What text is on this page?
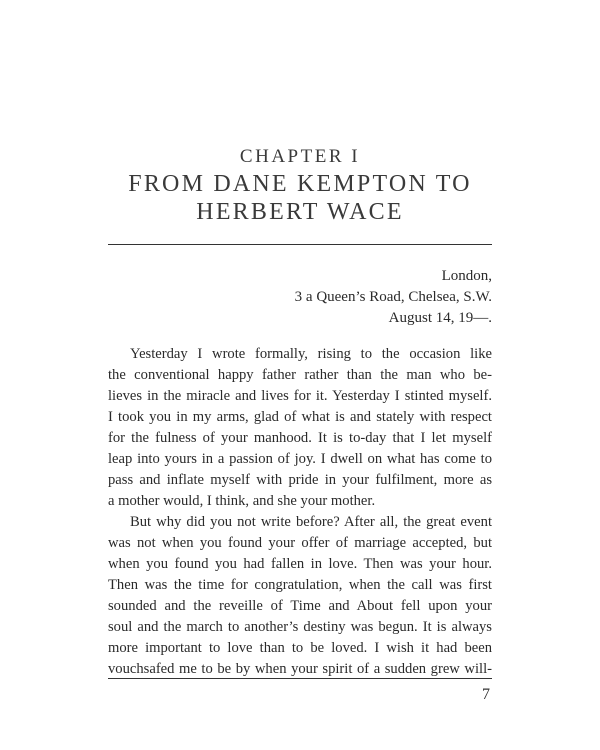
CHAPTER I
FROM DANE KEMPTON TO
HERBERT WACE
London,
3 a Queen’s Road, Chelsea, S.W.
August 14, 19—.
Yesterday I wrote formally, rising to the occasion like
the conventional happy father rather than the man who be-
lieves in the miracle and lives for it. Yesterday I stinted myself.
I took you in my arms, glad of what is and stately with respect
for the fulness of your manhood. It is to-day that I let myself
leap into yours in a passion of joy. I dwell on what has come to
pass and inflate myself with pride in your fulfilment, more as
a mother would, I think, and she your mother.
But why did you not write before? After all, the great event
was not when you found your offer of marriage accepted, but
when you found you had fallen in love. Then was your hour.
Then was the time for congratulation, when the call was first
sounded and the reveille of Time and About fell upon your
soul and the march to another’s destiny was begun. It is always
more important to love than to be loved. I wish it had been
vouchsafed me to be by when your spirit of a sudden grew will-
7
